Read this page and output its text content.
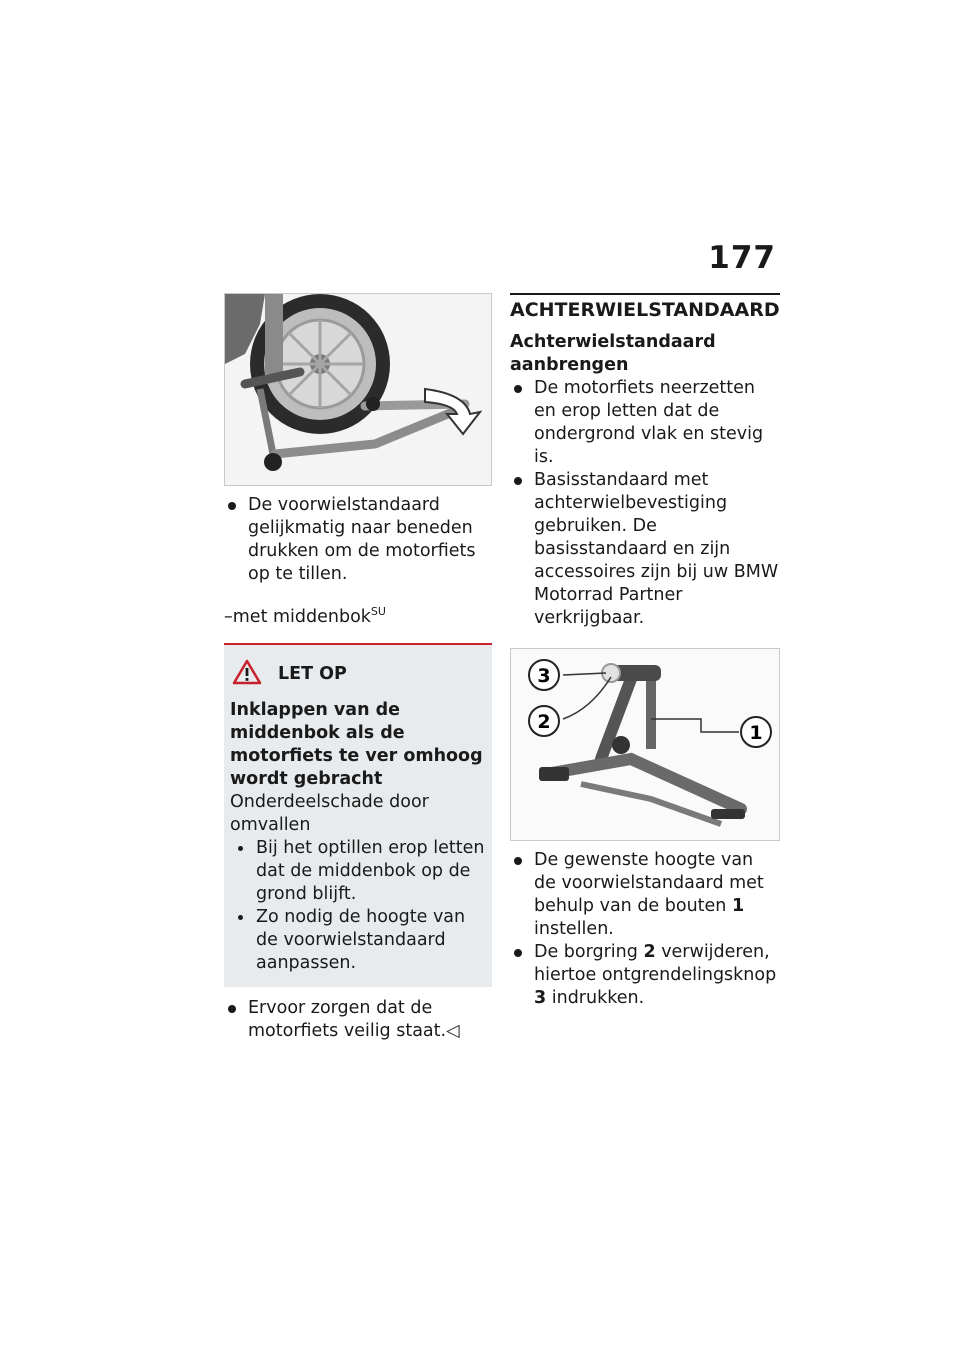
177
De voorwielstandaard gelijkmatig naar beneden drukken om de motorfiets op te tillen.
–met middenbok$^{SU}$
LET OP
Inklappen van de middenbok als de motorfiets te ver omhoog wordt gebracht
Onderdeelschade door omvallen
Bij het optillen erop letten dat de middenbok op de grond blijft.
Zo nodig de hoogte van de voorwielstandaard aanpassen.
Ervoor zorgen dat de motorfiets veilig staat.◁
ACHTERWIELSTANDAARD
Achterwielstandaard aanbrengen
De motorfiets neerzetten en erop letten dat de ondergrond vlak en stevig is.
Basisstandaard met achterwielbevestiging gebruiken. De basisstandaard en zijn accessoires zijn bij uw BMW Motorrad Partner verkrijgbaar.
3
2	1
De gewenste hoogte van de voorwielstandaard met behulp van de bouten 1 instellen.
De borgring 2 verwijderen, hiertoe ontgrendelingsknop 3 indrukken.
